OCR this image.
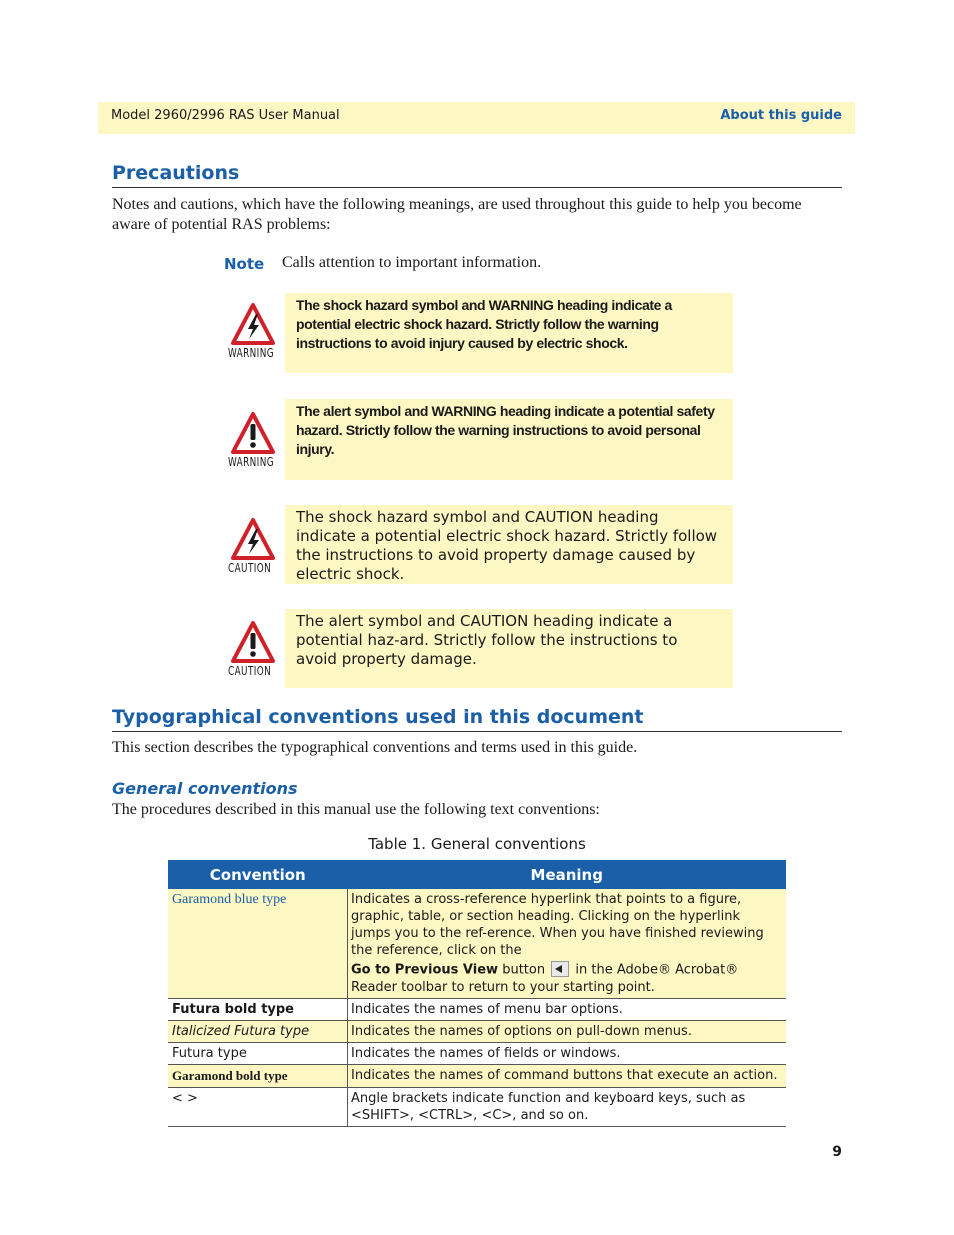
Model 2960/2996 RAS User Manual	About this guide
Precautions
Notes and cautions, which have the following meanings, are used throughout this guide to help you become aware of potential RAS problems:
Note Calls attention to important information.
WARNING
The shock hazard symbol and WARNING heading indicate a potential electric shock hazard. Strictly follow the warning instructions to avoid injury caused by electric shock.
WARNING
The alert symbol and WARNING heading indicate a potential safety hazard. Strictly follow the warning instructions to avoid personal injury.
CAUTION
The shock hazard symbol and CAUTION heading indicate a potential electric shock hazard. Strictly follow the instructions to avoid property damage caused by electric shock.
CAUTION
The alert symbol and CAUTION heading indicate a potential haz-ard. Strictly follow the instructions to avoid property damage.
Typographical conventions used in this document
This section describes the typographical conventions and terms used in this guide.
General conventions
The procedures described in this manual use the following text conventions:
Table 1. General conventions
Convention	Meaning
Garamond blue type	Indicates a cross-reference hyperlink that points to a figure, graphic, table, or section heading. Clicking on the hyperlink jumps you to the ref-erence. When you have finished reviewing the reference, click on the
Go to Previous View button in the Adobe® Acrobat® Reader toolbar to return to your starting point.

Futura bold type	Indicates the names of menu bar options.
Italicized Futura type	Indicates the names of options on pull-down menus.
Futura type	Indicates the names of fields or windows.
Garamond bold type	Indicates the names of command buttons that execute an action.
< >	Angle brackets indicate function and keyboard keys, such as <SHIFT>, <CTRL>, <C>, and so on.
9
